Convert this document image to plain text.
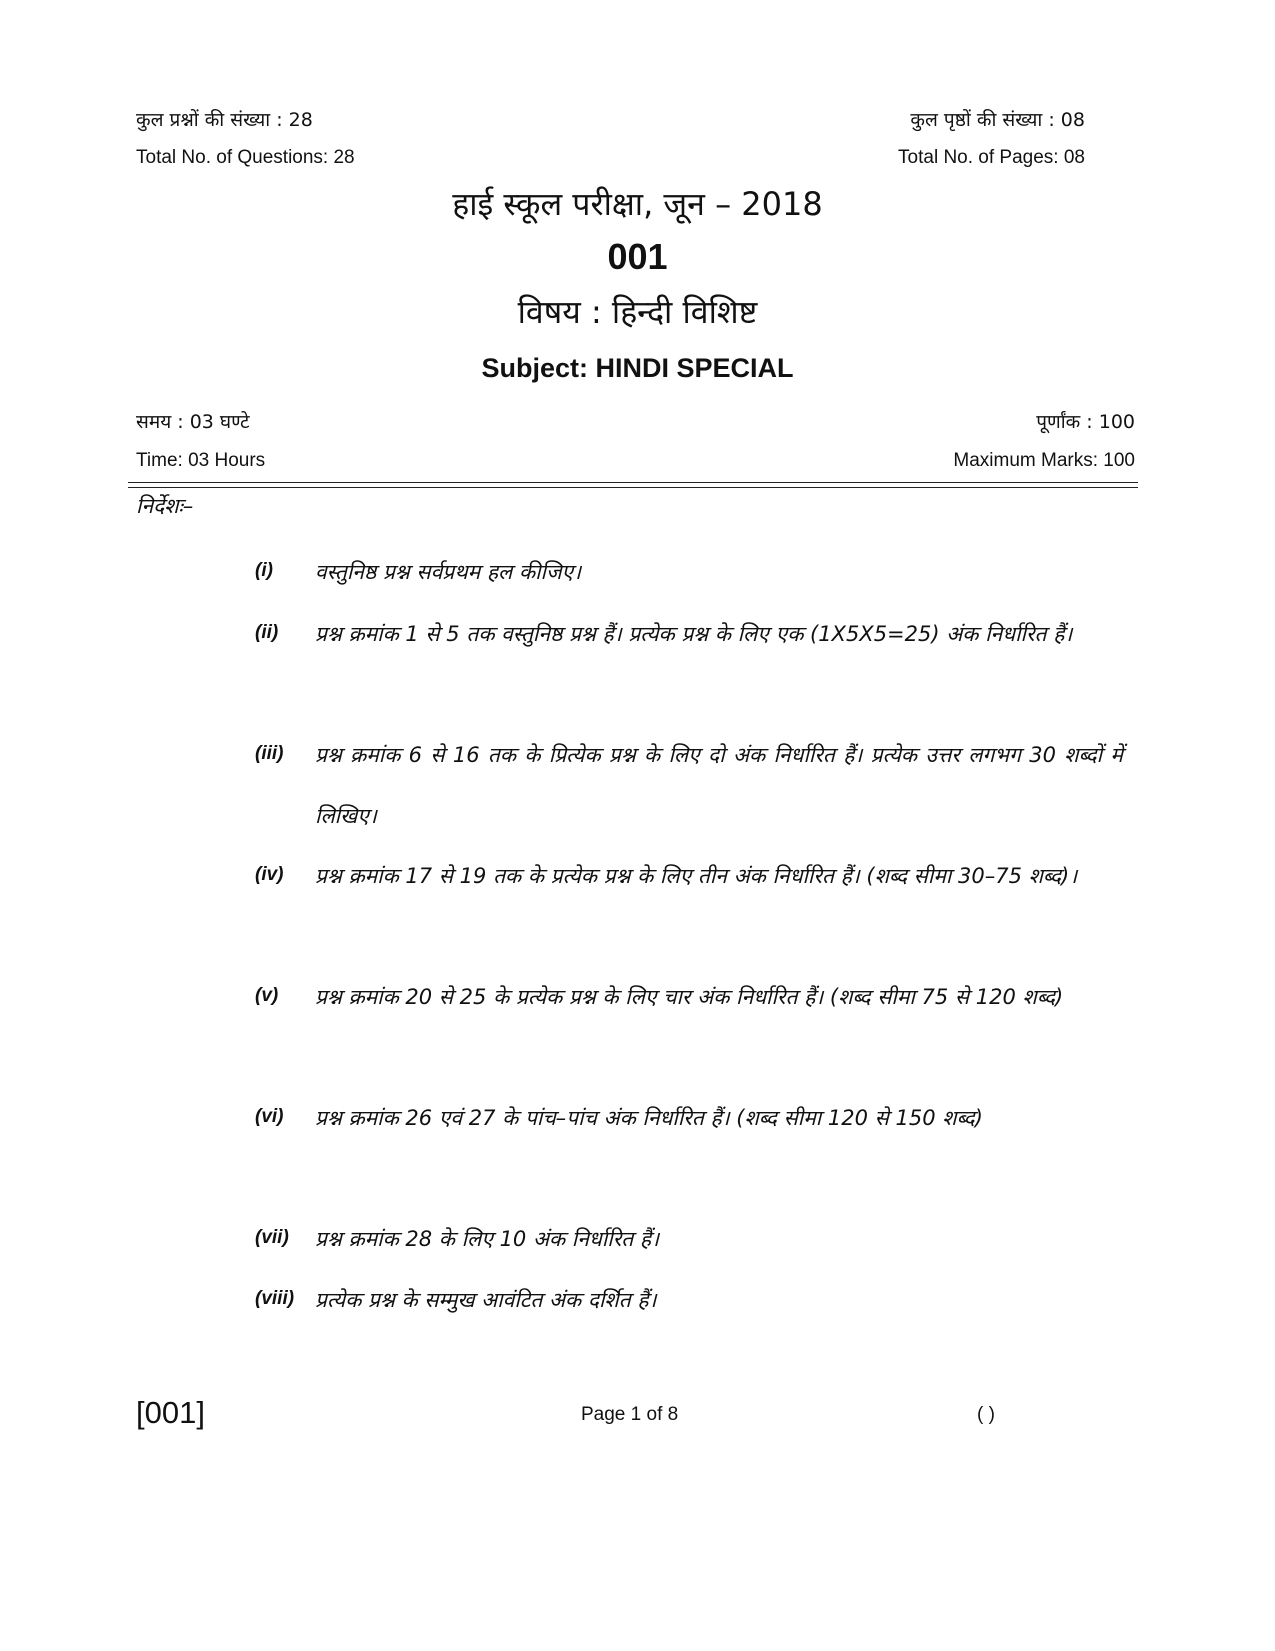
कुल प्रश्नों की संख्या : 28	कुल पृष्ठों की संख्या : 08
Total No. of Questions: 28	Total No. of Pages: 08
हाई स्कूल परीक्षा, जून – 2018
001
विषय : हिन्दी विशिष्ट
Subject: HINDI SPECIAL
समय : 03 घण्टे	पूर्णांक : 100
Time: 03 Hours	Maximum Marks: 100
निर्देशः–
(i) वस्तुनिष्ठ प्रश्न सर्वप्रथम हल कीजिए।
(ii) प्रश्न क्रमांक 1 से 5 तक वस्तुनिष्ठ प्रश्न हैं। प्रत्येक प्रश्न के लिए एक (1X5X5=25) अंक निर्धारित हैं।
(iii) प्रश्न क्रमांक 6 से 16 तक के प्रित्येक प्रश्न के लिए दो अंक निर्धारित हैं। प्रत्येक उत्तर लगभग 30 शब्दों में लिखिए।
(iv) प्रश्न क्रमांक 17 से 19 तक के प्रत्येक प्रश्न के लिए तीन अंक निर्धारित हैं। (शब्द सीमा 30–75 शब्द)।
(v) प्रश्न क्रमांक 20 से 25 के प्रत्येक प्रश्न के लिए चार अंक निर्धारित हैं। (शब्द सीमा 75 से 120 शब्द)
(vi) प्रश्न क्रमांक 26 एवं 27 के पांच–पांच अंक निर्धारित हैं। (शब्द सीमा 120 से 150 शब्द)
(vii) प्रश्न क्रमांक 28 के लिए 10 अंक निर्धारित हैं।
(viii) प्रत्येक प्रश्न के सम्मुख आवंटित अंक दर्शित हैं।
[001]	Page 1 of 8	( )
